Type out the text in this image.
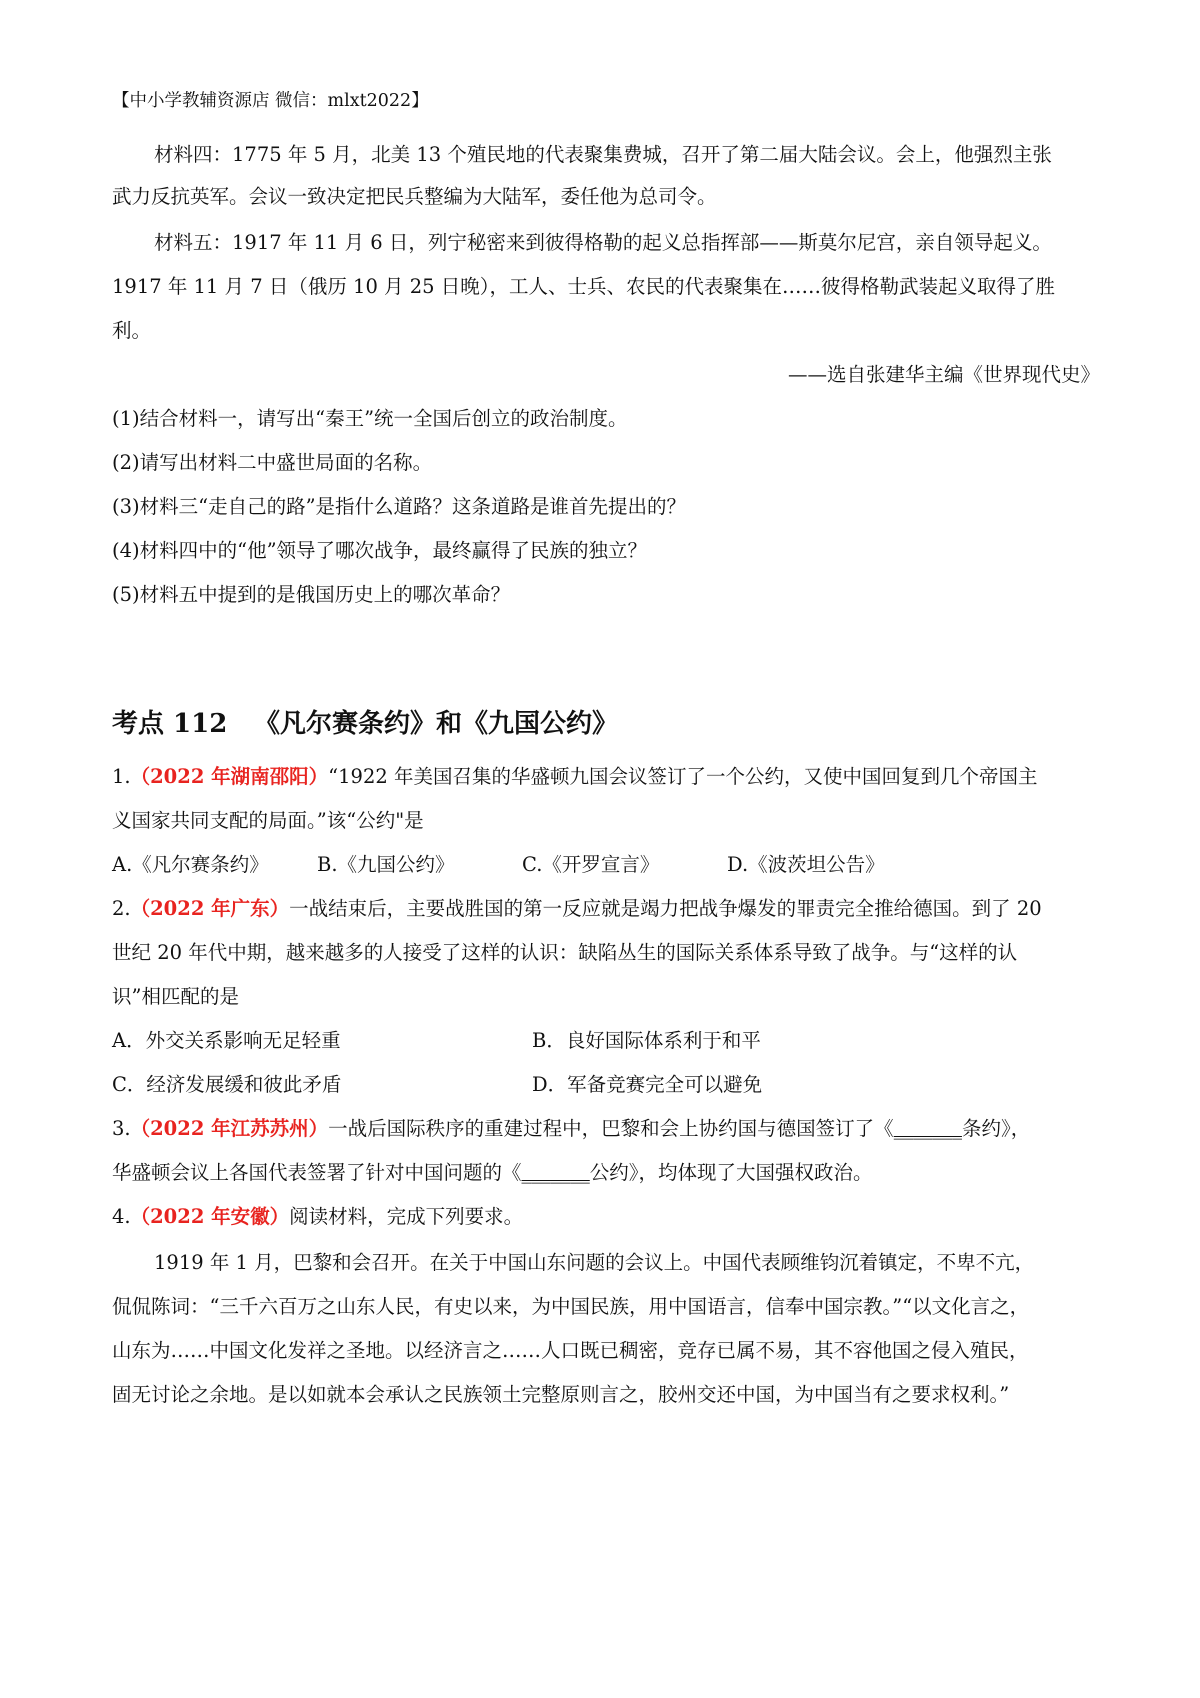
【中小学教辅资源店 微信：mlxt2022】
材料四：1775 年 5 月，北美 13 个殖民地的代表聚集费城，召开了第二届大陆会议。会上，他强烈主张
武力反抗英军。会议一致决定把民兵整编为大陆军，委任他为总司令。
材料五：1917 年 11 月 6 日，列宁秘密来到彼得格勒的起义总指挥部——斯莫尔尼宫，亲自领导起义。
1917 年 11 月 7 日（俄历 10 月 25 日晚），工人、士兵、农民的代表聚集在……彼得格勒武装起义取得了胜
利。
——选自张建华主编《世界现代史》
(1)结合材料一，请写出“秦王”统一全国后创立的政治制度。
(2)请写出材料二中盛世局面的名称。
(3)材料三“走自己的路”是指什么道路？这条道路是谁首先提出的？
(4)材料四中的“他”领导了哪次战争，最终赢得了民族的独立？
(5)材料五中提到的是俄国历史上的哪次革命？
考点 112 《凡尔赛条约》和《九国公约》
1.（2022 年湖南邵阳）“1922 年美国召集的华盛顿九国会议签订了一个公约，又使中国回复到几个帝国主
义国家共同支配的局面。”该“公约"是
A.《凡尔赛条约》 B.《九国公约》	C.《开罗宣言》	D.《波茨坦公告》
2.（2022 年广东）一战结束后，主要战胜国的第一反应就是竭力把战争爆发的罪责完全推给德国。到了 20
世纪 20 年代中期，越来越多的人接受了这样的认识：缺陷丛生的国际关系体系导致了战争。与“这样的认
识”相匹配的是
A．外交关系影响无足轻重	B．良好国际体系利于和平
C．经济发展缓和彼此矛盾	D．军备竞赛完全可以避免
3.（2022 年江苏苏州）一战后国际秩序的重建过程中，巴黎和会上协约国与德国签订了《_______条约》，
华盛顿会议上各国代表签署了针对中国问题的《_______公约》，均体现了大国强权政治。
4.（2022 年安徽）阅读材料，完成下列要求。
1919 年 1 月，巴黎和会召开。在关于中国山东问题的会议上。中国代表顾维钧沉着镇定，不卑不亢，
侃侃陈词：“三千六百万之山东人民，有史以来，为中国民族，用中国语言，信奉中国宗教。”“以文化言之，
山东为……中国文化发祥之圣地。以经济言之……人口既已稠密，竞存已属不易，其不容他国之侵入殖民，
固无讨论之余地。是以如就本会承认之民族领土完整原则言之，胶州交还中国，为中国当有之要求权利。”
